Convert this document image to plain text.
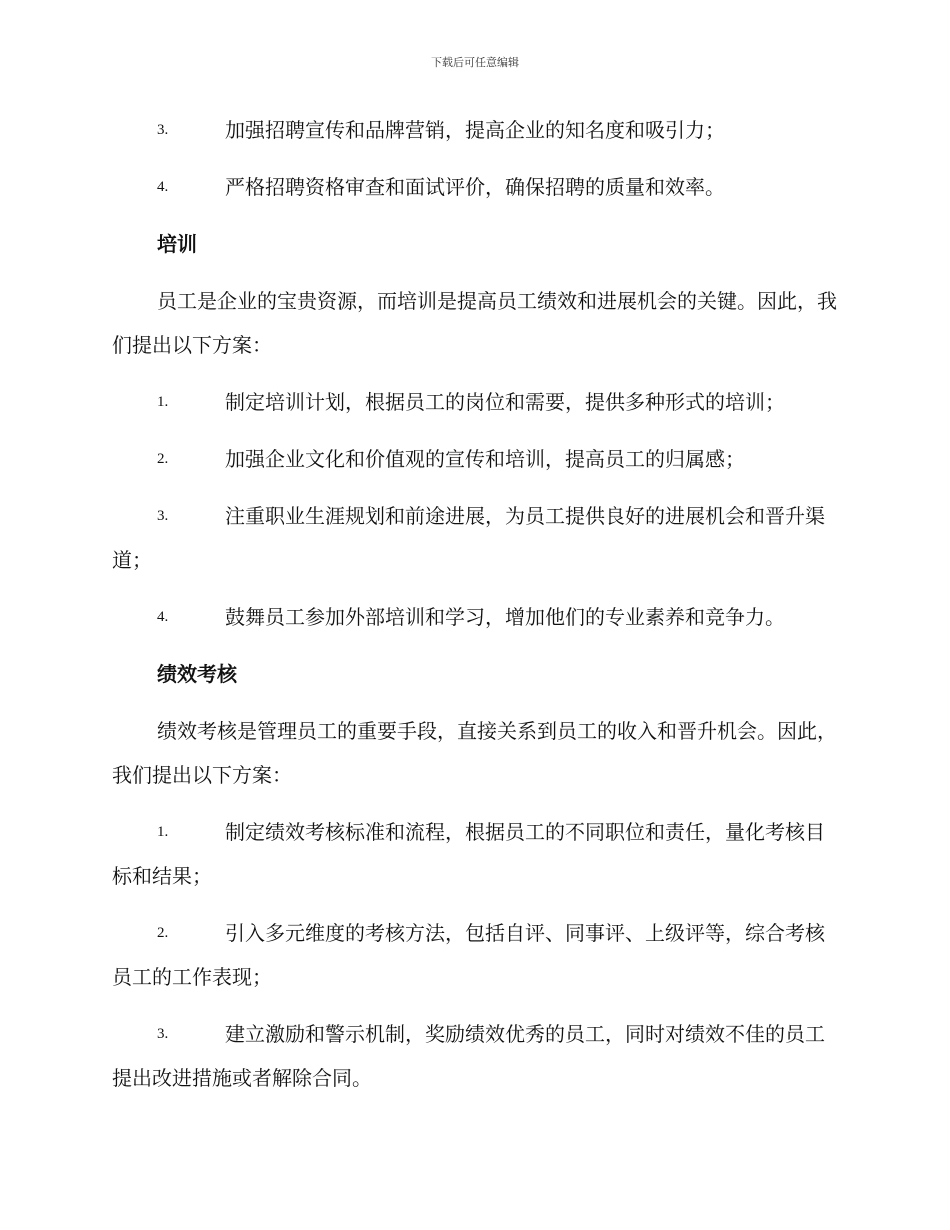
下载后可任意编辑
3.	加强招聘宣传和品牌营销，提高企业的知名度和吸引力；
4.	严格招聘资格审查和面试评价，确保招聘的质量和效率。
培训
员工是企业的宝贵资源，而培训是提高员工绩效和进展机会的关键。因此，我们提出以下方案：
1.	制定培训计划，根据员工的岗位和需要，提供多种形式的培训；
2.	加强企业文化和价值观的宣传和培训，提高员工的归属感；
3.	注重职业生涯规划和前途进展，为员工提供良好的进展机会和晋升渠道；
4.	鼓舞员工参加外部培训和学习，增加他们的专业素养和竞争力。
绩效考核
绩效考核是管理员工的重要手段，直接关系到员工的收入和晋升机会。因此，我们提出以下方案：
1.	制定绩效考核标准和流程，根据员工的不同职位和责任，量化考核目标和结果；
2.	引入多元维度的考核方法，包括自评、同事评、上级评等，综合考核员工的工作表现；
3.	建立激励和警示机制，奖励绩效优秀的员工，同时对绩效不佳的员工提出改进措施或者解除合同。
